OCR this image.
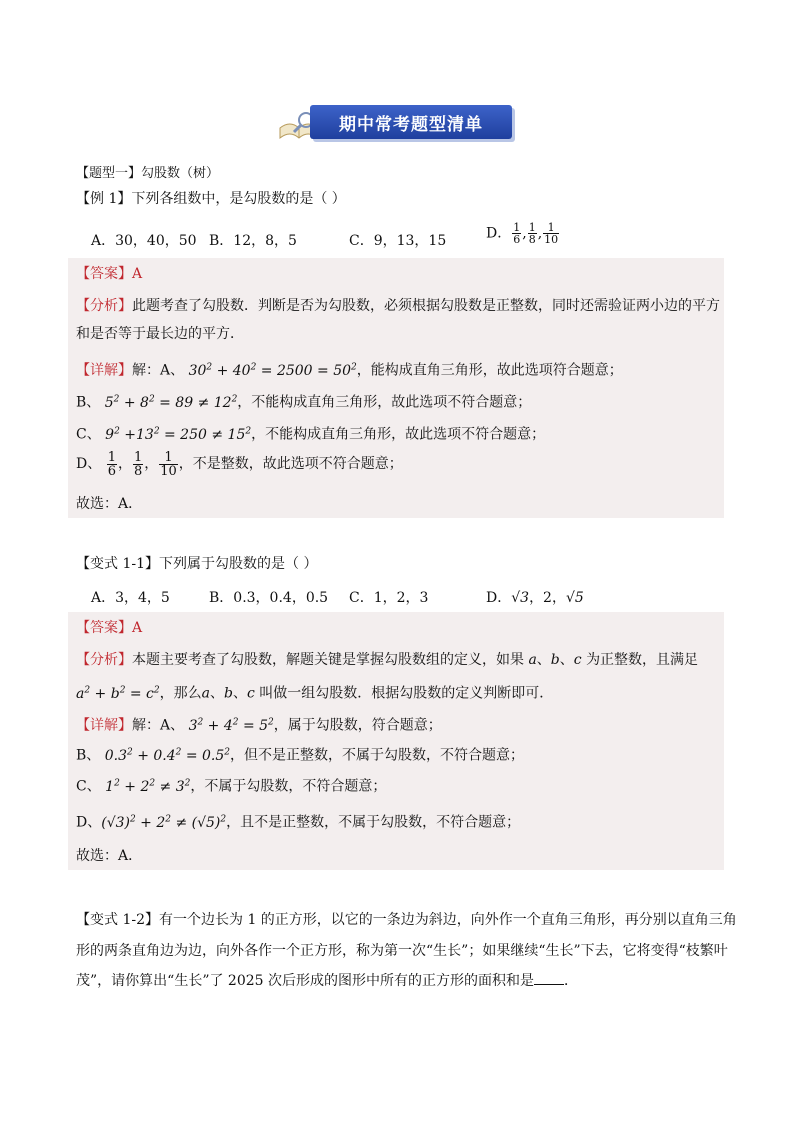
期中常考题型清单
【题型一】勾股数（树）
【例 1】下列各组数中，是勾股数的是（ ）
A．30，40，50 B．12，8，5	C．9，13，15	D． $\frac{1}{6}$ , $\frac{1}{8}$ , $\frac{1}{10}$
【答案】A
【分析】此题考查了勾股数．判断是否为勾股数，必须根据勾股数是正整数，同时还需验证两小边的平方
和是否等于最长边的平方．
【详解】解：A、 $30^2 + 40^2 = 2500 = 50^2$，能构成直角三角形，故此选项符合题意；
B、 $5^2 + 8^2 = 89 \ne 12^2$，不能构成直角三角形，故此选项不符合题意；
C、 $9^2 +13^2 = 250 \ne 15^2$，不能构成直角三角形，故此选项不符合题意；
D、 $\frac{1}{6}$ ， $\frac{1}{8}$ ， $\frac{1}{10}$ ，不是整数，故此选项不符合题意；
故选：A．
【变式 1-1】下列属于勾股数的是（ ）
A．3，4，5	B．0.3，0.4，0.5 C．1，2，3	D．√3，2，√5
【答案】A
【分析】本题主要考查了勾股数，解题关键是掌握勾股数组的定义，如果 a、b、c 为正整数，且满足
$a^2 + b^2 = c^2$，那么a、b、c 叫做一组勾股数．根据勾股数的定义判断即可．
【详解】解：A、 $3^2 + 4^2 = 5^2$，属于勾股数，符合题意；
B、 $0.3^2 + 0.4^2 = 0.5^2$，但不是正整数，不属于勾股数，不符合题意；
C、 $1^2 + 2^2 \ne 3^2$，不属于勾股数，不符合题意；
D、$(√3)^2 + 2^2 \ne (√5)^2$，且不是正整数，不属于勾股数，不符合题意；
故选：A．
【变式 1-2】有一个边长为 1 的正方形，以它的一条边为斜边，向外作一个直角三角形，再分别以直角三角
形的两条直角边为边，向外各作一个正方形，称为第一次“生长”；如果继续“生长”下去，它将变得“枝繁叶
茂”，请你算出“生长”了 2025 次后形成的图形中所有的正方形的面积和是 ．
